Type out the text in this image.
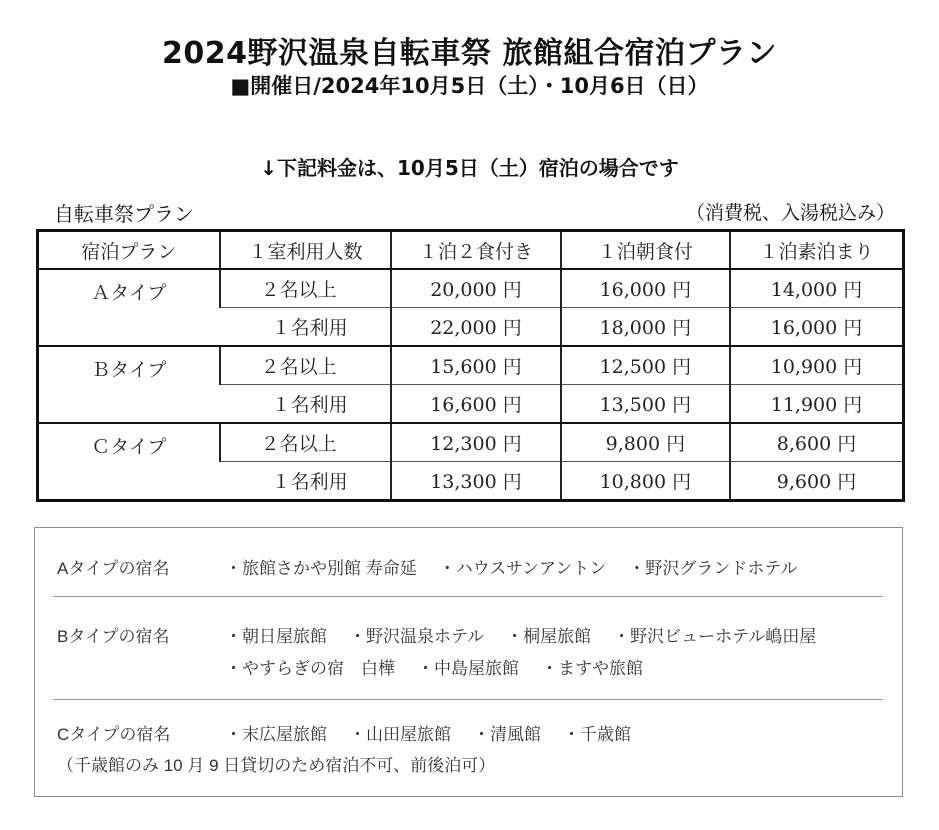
2024野沢温泉自転車祭 旅館組合宿泊プラン
■開催日/2024年10月5日（土）・10月6日（日）
↓下記料金は、10月5日（土）宿泊の場合です
自転車祭プラン	（消費税、入湯税込み）
宿泊プラン	１室利用人数	１泊２食付き	１泊朝食付	１泊素泊まり
Ａタイプ	２名以上	20,000 円	16,000 円	14,000 円
	１名利用	22,000 円	18,000 円	16,000 円
Ｂタイプ	２名以上	15,600 円	12,500 円	10,900 円
	１名利用	16,600 円	13,500 円	11,900 円
Ｃタイプ	２名以上	12,300 円	9,800 円	8,600 円
	１名利用	13,300 円	10,800 円	9,600 円
Aタイプの宿名	・旅館さかや別館 寿命延 ・ハウスサンアントン ・野沢グランドホテル
Bタイプの宿名	・朝日屋旅館 ・野沢温泉ホテル ・桐屋旅館 ・野沢ビューホテル嶋田屋
・やすらぎの宿　白樺 ・中島屋旅館 ・ますや旅館
Cタイプの宿名	・末広屋旅館 ・山田屋旅館 ・清風館 ・千歳館
（千歳館のみ 10 月 9 日貸切のため宿泊不可、前後泊可）
